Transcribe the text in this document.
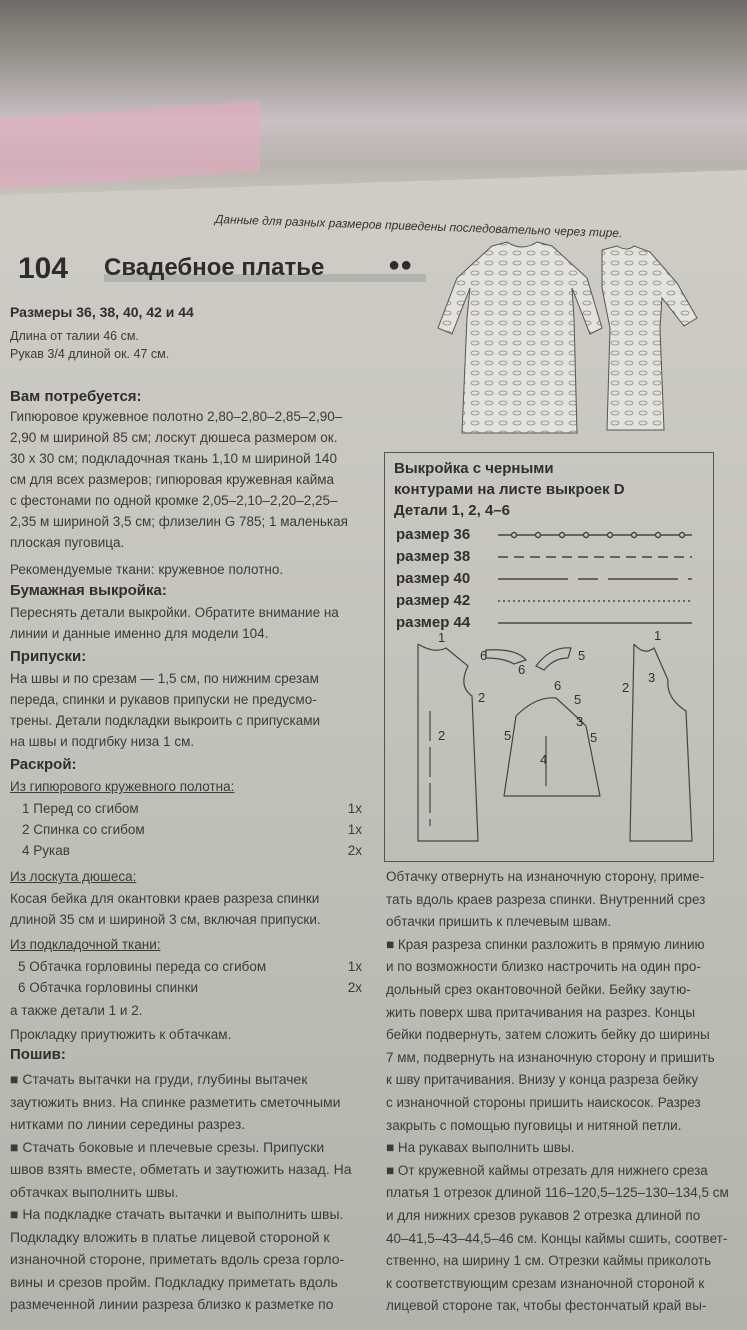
Данные для разных размеров приведены последовательно через тире.
104 Свадебное платье	●●
Размеры 36, 38, 40, 42 и 44
Длина от талии 46 см.
Рукав 3/4 длиной ок. 47 см.
Вам потребуется:
Гипюровое кружевное полотно 2,80–2,80–2,85–2,90–
2,90 м шириной 85 см; лоскут дюшеса размером ок.
30 х 30 см; подкладочная ткань 1,10 м шириной 140
см для всех размеров; гипюровая кружевная кайма
с фестонами по одной кромке 2,05–2,10–2,20–2,25–
2,35 м шириной 3,5 см; флизелин G 785; 1 маленькая
плоская пуговица.
Рекомендуемые ткани: кружевное полотно.
Бумажная выкройка:
Переснять детали выкройки. Обратите внимание на
линии и данные именно для модели 104.
Припуски:
На швы и по срезам — 1,5 см, по нижним срезам
переда, спинки и рукавов припуски не предусмо-
трены. Детали подкладки выкроить с припусками
на швы и подгибку низа 1 см.
Раскрой:
Из гипюрового кружевного полотна:
1 Перед со сгибом	1x
2 Спинка со сгибом	1x
4 Рукав	2x
Из лоскута дюшеса:
Косая бейка для окантовки краев разреза спинки
длиной 35 см и шириной 3 см, включая припуски.
Из подкладочной ткани:
5 Обтачка горловины переда со сгибом	1x
6 Обтачка горловины спинки	2x
а также детали 1 и 2.
Прокладку приутюжить к обтачкам.
Пошив:
■ Стачать вытачки на груди, глубины вытачек
заутюжить вниз. На спинке разметить сметочными
нитками по линии середины разрез.
■ Стачать боковые и плечевые срезы. Припуски
швов взять вместе, обметать и заутюжить назад. На
обтачках выполнить швы.
■ На подкладке стачать вытачки и выполнить швы.
Подкладку вложить в платье лицевой стороной к
изнаночной стороне, приметать вдоль среза горло-
вины и срезов пройм. Подкладку приметать вдоль
размеченной линии разреза близко к разметке по
Выкройка с черными
контурами на листе выкроек D
Детали 1, 2, 4–6
размер 36
размер 38
размер 40
размер 42
размер 44
1
2
2
6
6
5
6
5
3
5
4
5
3
2
1
Обтачку отвернуть на изнаночную сторону, приме-
тать вдоль краев разреза спинки. Внутренний срез
обтачки пришить к плечевым швам.
■ Края разреза спинки разложить в прямую линию
и по возможности близко настрочить на один про-
дольный срез окантовочной бейки. Бейку заутю-
жить поверх шва притачивания на разрез. Концы
бейки подвернуть, затем сложить бейку до ширины
7 мм, подвернуть на изнаночную сторону и пришить
к шву притачивания. Внизу у конца разреза бейку
с изнаночной стороны пришить наискосок. Разрез
закрыть с помощью пуговицы и нитяной петли.
■ На рукавах выполнить швы.
■ От кружевной каймы отрезать для нижнего среза
платья 1 отрезок длиной 116–120,5–125–130–134,5 см
и для нижних срезов рукавов 2 отрезка длиной по
40–41,5–43–44,5–46 см. Концы каймы сшить, соответ-
ственно, на ширину 1 см. Отрезки каймы приколоть
к соответствующим срезам изнаночной стороной к
лицевой стороне так, чтобы фестончатый край вы-
